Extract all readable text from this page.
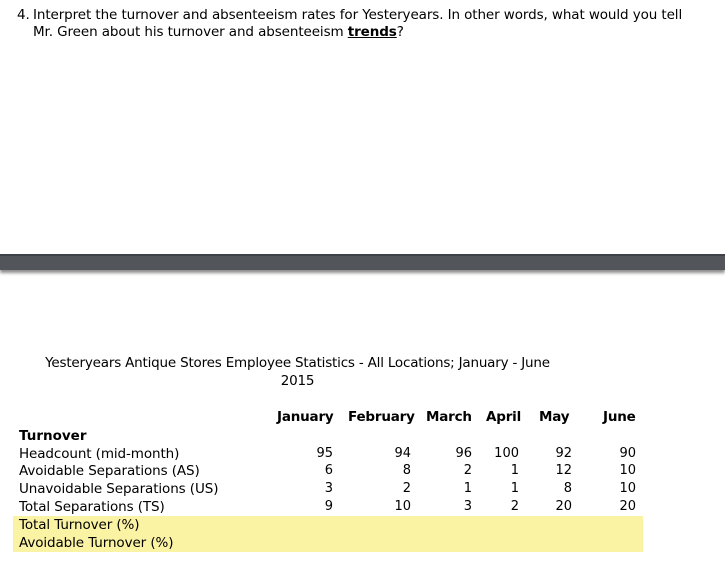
4. Interpret the turnover and absenteeism rates for Yesteryears. In other words, what would you tell
Mr. Green about his turnover and absenteeism trends?
Yesteryears Antique Stores Employee Statistics - All Locations; January - June
2015
January February March April May June
Turnover
Headcount (mid-month)	95	94	96 100	92	90
Avoidable Separations (AS)	6	8	2	1	12	10
Unavoidable Separations (US)	3	2	1	1	8	10
Total Separations (TS)	9	10	3	2	20	20
Total Turnover (%)
Avoidable Turnover (%)
